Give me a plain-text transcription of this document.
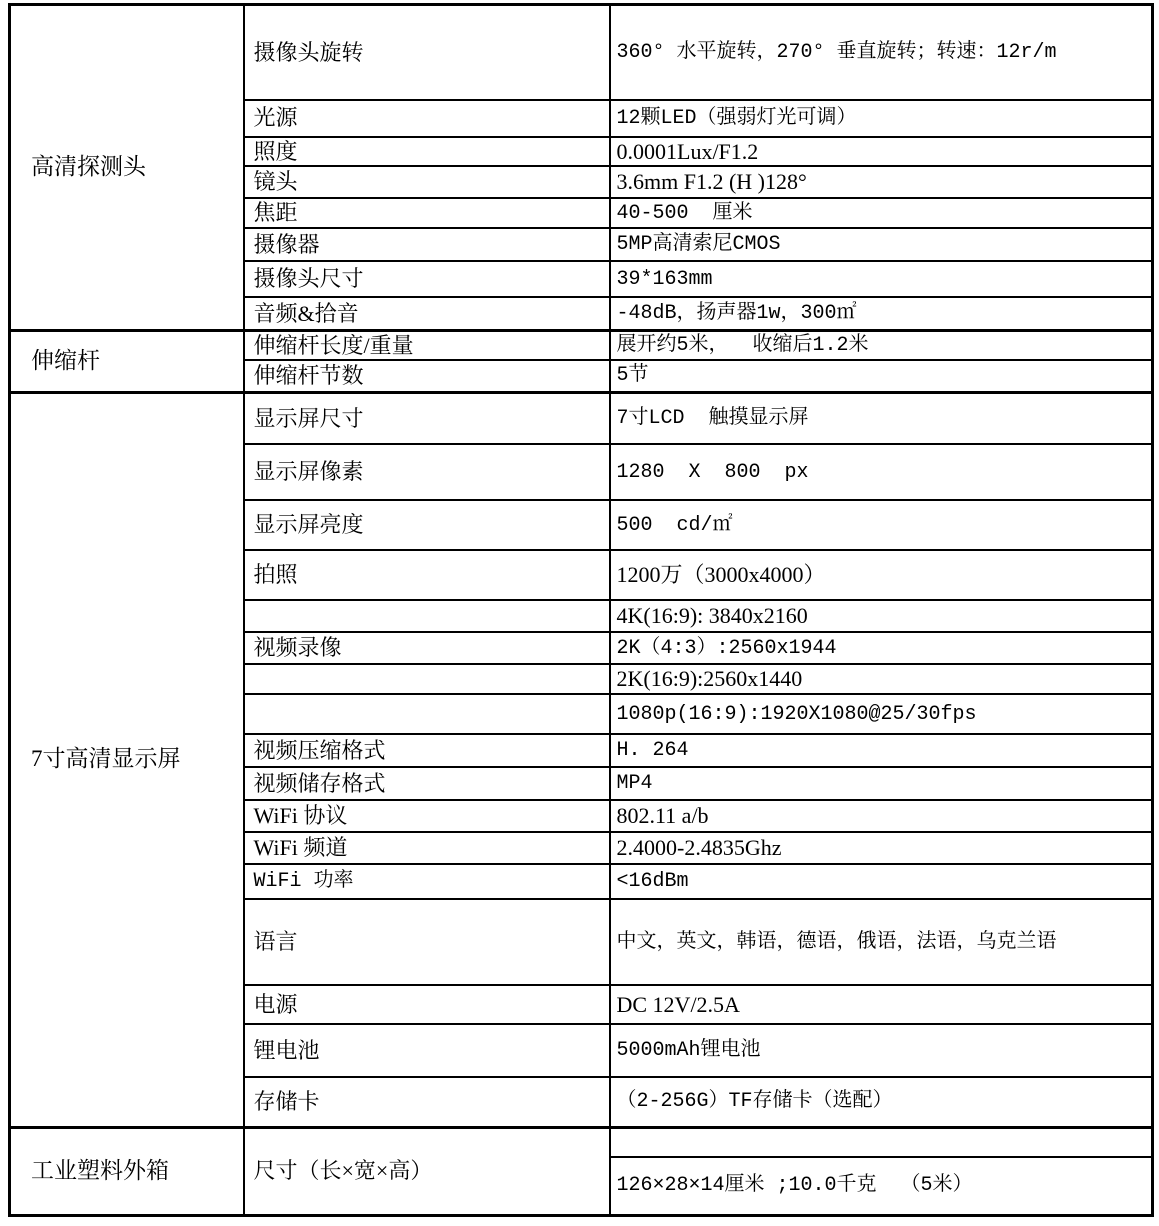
高清探测头	摄像头旋转	360° 水平旋转，270° 垂直旋转；转速：12r/m
	光源	12颗LED（强弱灯光可调）
	照度	0.0001Lux/F1.2
	镜头	3.6mm F1.2 (H )128°
	焦距	40-500  厘米
	摄像器	5MP高清索尼CMOS
	摄像头尺寸	39*163mm
	音频&拾音	-48dB，扬声器1w，300㎡
伸缩杆	伸缩杆长度/重量	展开约5米，  收缩后1.2米
	伸缩杆节数	5节
7寸高清显示屏	显示屏尺寸	7寸LCD  触摸显示屏
	显示屏像素	1280  X  800  px
	显示屏亮度	500  cd/㎡
	拍照	1200万（3000x4000）
		4K(16:9): 3840x2160
	视频录像	2K（4:3）:2560x1944
		2K(16:9):2560x1440
		1080p(16:9):1920X1080@25/30fps
	视频压缩格式	H. 264
	视频储存格式	MP4
	WiFi 协议	802.11 a/b
	WiFi 频道	2.4000-2.4835Ghz
	WiFi 功率	<16dBm
	语言	中文，英文，韩语，德语，俄语，法语，乌克兰语
	电源	DC 12V/2.5A
	锂电池	5000mAh锂电池
	存储卡	（2-256G）TF存储卡（选配）
工业塑料外箱	尺寸（长×宽×高）	
		126×28×14厘米 ;10.0千克  （5米）
